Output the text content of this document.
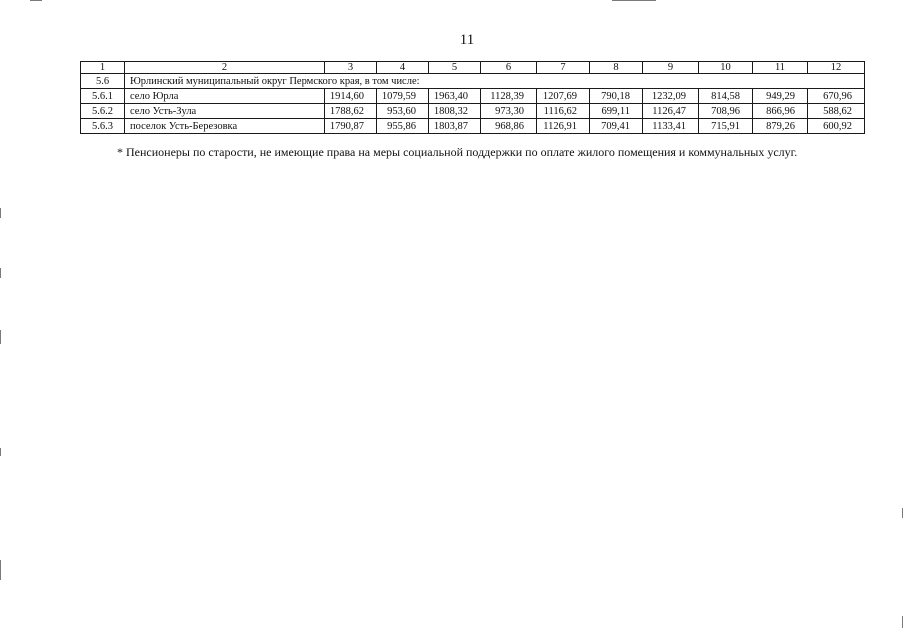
11
1	2	3	4	5	6	7	8	9	10	11	12
5.6	Юрлинский муниципальный округ Пермского края, в том числе:										
5.6.1	село Юрла	1914,60	1079,59	1963,40	1128,39	1207,69	790,18	1232,09	814,58	949,29	670,96
5.6.2	село Усть-Зула	1788,62	953,60	1808,32	973,30	1116,62	699,11	1126,47	708,96	866,96	588,62
5.6.3	поселок Усть-Березовка	1790,87	955,86	1803,87	968,86	1126,91	709,41	1133,41	715,91	879,26	600,92
* Пенсионеры по старости, не имеющие права на меры социальной поддержки по оплате жилого помещения и коммунальных услуг.
